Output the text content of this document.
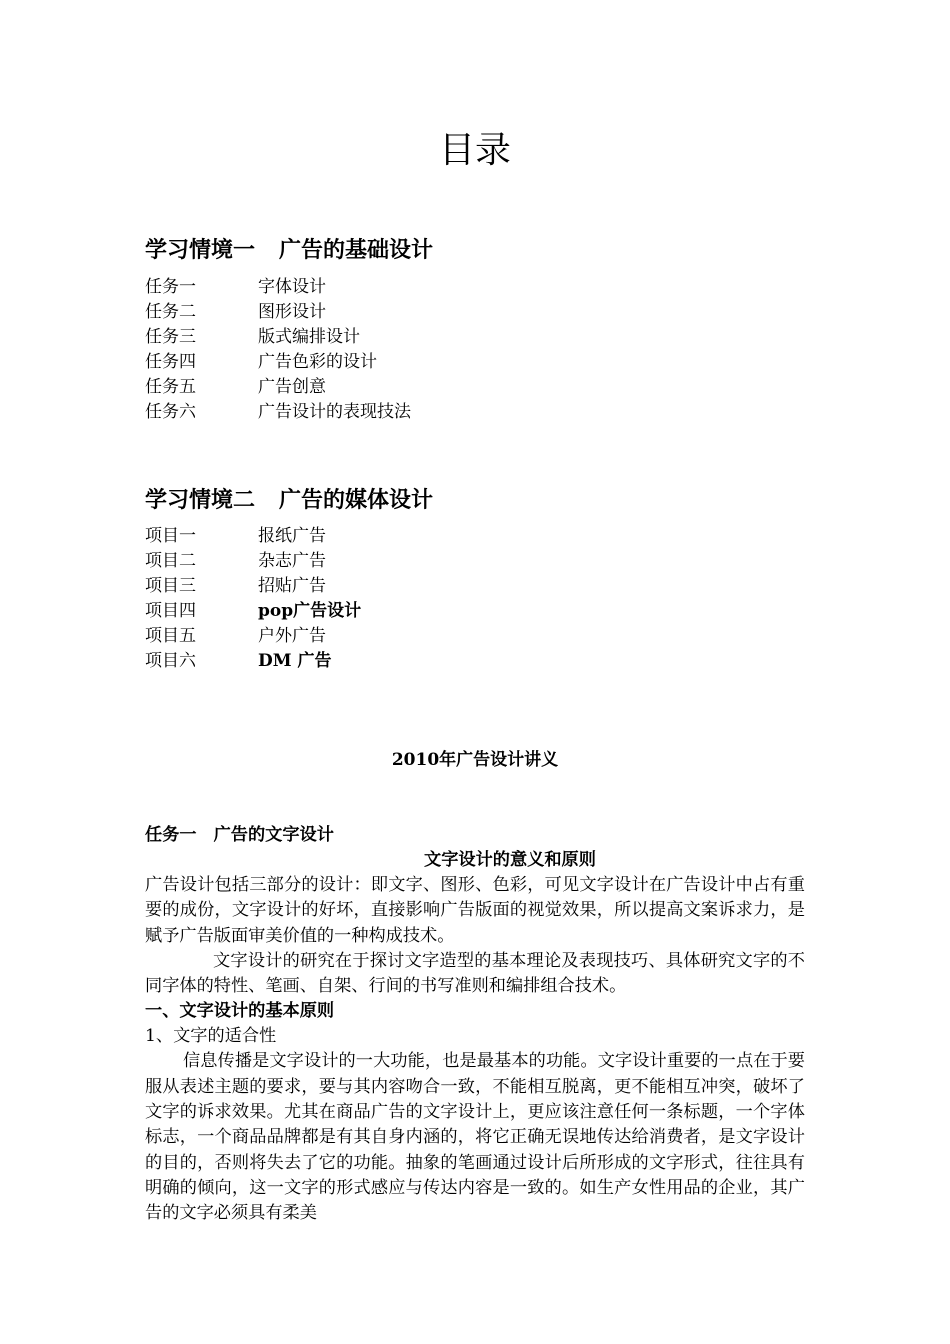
目录
学习情境一 广告的基础设计
任务一	字体设计
任务二	图形设计
任务三	版式编排设计
任务四	广告色彩的设计
任务五	广告创意
任务六	广告设计的表现技法
学习情境二 广告的媒体设计
项目一	报纸广告
项目二	杂志广告
项目三	招贴广告
项目四	pop广告设计
项目五	户外广告
项目六	DM 广告
2010年广告设计讲义
任务一 广告的文字设计
文字设计的意义和原则
广告设计包括三部分的设计：即文字、图形、色彩，可见文字设计在广告设计中占有重要的成份，文字设计的好坏，直接影响广告版面的视觉效果，所以提高文案诉求力，是赋予广告版面审美价值的一种构成技术。
文字设计的研究在于探讨文字造型的基本理论及表现技巧、具体研究文字的不同字体的特性、笔画、自架、行间的书写准则和编排组合技术。
一、文字设计的基本原则
1、文字的适合性
信息传播是文字设计的一大功能，也是最基本的功能。文字设计重要的一点在于要服从表述主题的要求，要与其内容吻合一致，不能相互脱离，更不能相互冲突，破坏了文字的诉求效果。尤其在商品广告的文字设计上，更应该注意任何一条标题，一个字体标志，一个商品品牌都是有其自身内涵的，将它正确无误地传达给消费者，是文字设计的目的，否则将失去了它的功能。抽象的笔画通过设计后所形成的文字形式，往往具有明确的倾向，这一文字的形式感应与传达内容是一致的。如生产女性用品的企业，其广告的文字必须具有柔美
